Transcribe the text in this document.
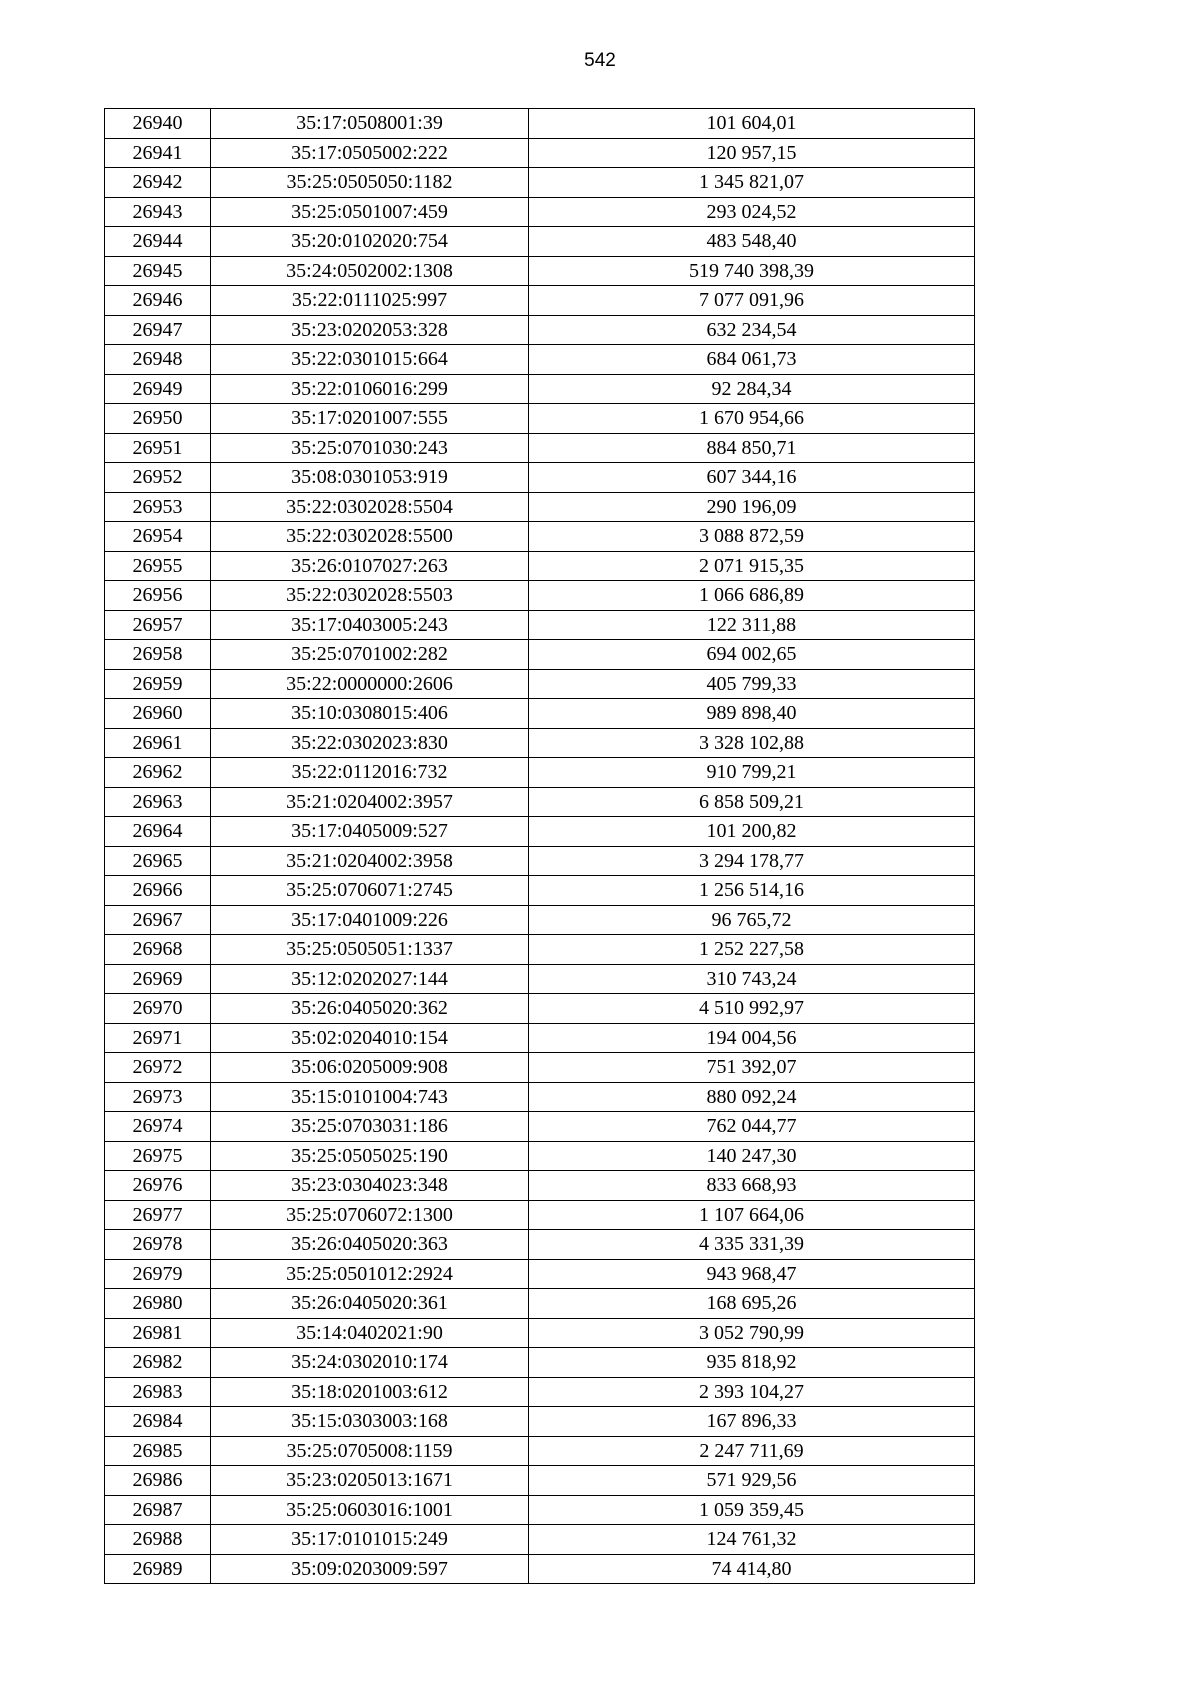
542
26940	35:17:0508001:39	101 604,01
26941	35:17:0505002:222	120 957,15
26942	35:25:0505050:1182	1 345 821,07
26943	35:25:0501007:459	293 024,52
26944	35:20:0102020:754	483 548,40
26945	35:24:0502002:1308	519 740 398,39
26946	35:22:0111025:997	7 077 091,96
26947	35:23:0202053:328	632 234,54
26948	35:22:0301015:664	684 061,73
26949	35:22:0106016:299	92 284,34
26950	35:17:0201007:555	1 670 954,66
26951	35:25:0701030:243	884 850,71
26952	35:08:0301053:919	607 344,16
26953	35:22:0302028:5504	290 196,09
26954	35:22:0302028:5500	3 088 872,59
26955	35:26:0107027:263	2 071 915,35
26956	35:22:0302028:5503	1 066 686,89
26957	35:17:0403005:243	122 311,88
26958	35:25:0701002:282	694 002,65
26959	35:22:0000000:2606	405 799,33
26960	35:10:0308015:406	989 898,40
26961	35:22:0302023:830	3 328 102,88
26962	35:22:0112016:732	910 799,21
26963	35:21:0204002:3957	6 858 509,21
26964	35:17:0405009:527	101 200,82
26965	35:21:0204002:3958	3 294 178,77
26966	35:25:0706071:2745	1 256 514,16
26967	35:17:0401009:226	96 765,72
26968	35:25:0505051:1337	1 252 227,58
26969	35:12:0202027:144	310 743,24
26970	35:26:0405020:362	4 510 992,97
26971	35:02:0204010:154	194 004,56
26972	35:06:0205009:908	751 392,07
26973	35:15:0101004:743	880 092,24
26974	35:25:0703031:186	762 044,77
26975	35:25:0505025:190	140 247,30
26976	35:23:0304023:348	833 668,93
26977	35:25:0706072:1300	1 107 664,06
26978	35:26:0405020:363	4 335 331,39
26979	35:25:0501012:2924	943 968,47
26980	35:26:0405020:361	168 695,26
26981	35:14:0402021:90	3 052 790,99
26982	35:24:0302010:174	935 818,92
26983	35:18:0201003:612	2 393 104,27
26984	35:15:0303003:168	167 896,33
26985	35:25:0705008:1159	2 247 711,69
26986	35:23:0205013:1671	571 929,56
26987	35:25:0603016:1001	1 059 359,45
26988	35:17:0101015:249	124 761,32
26989	35:09:0203009:597	74 414,80
